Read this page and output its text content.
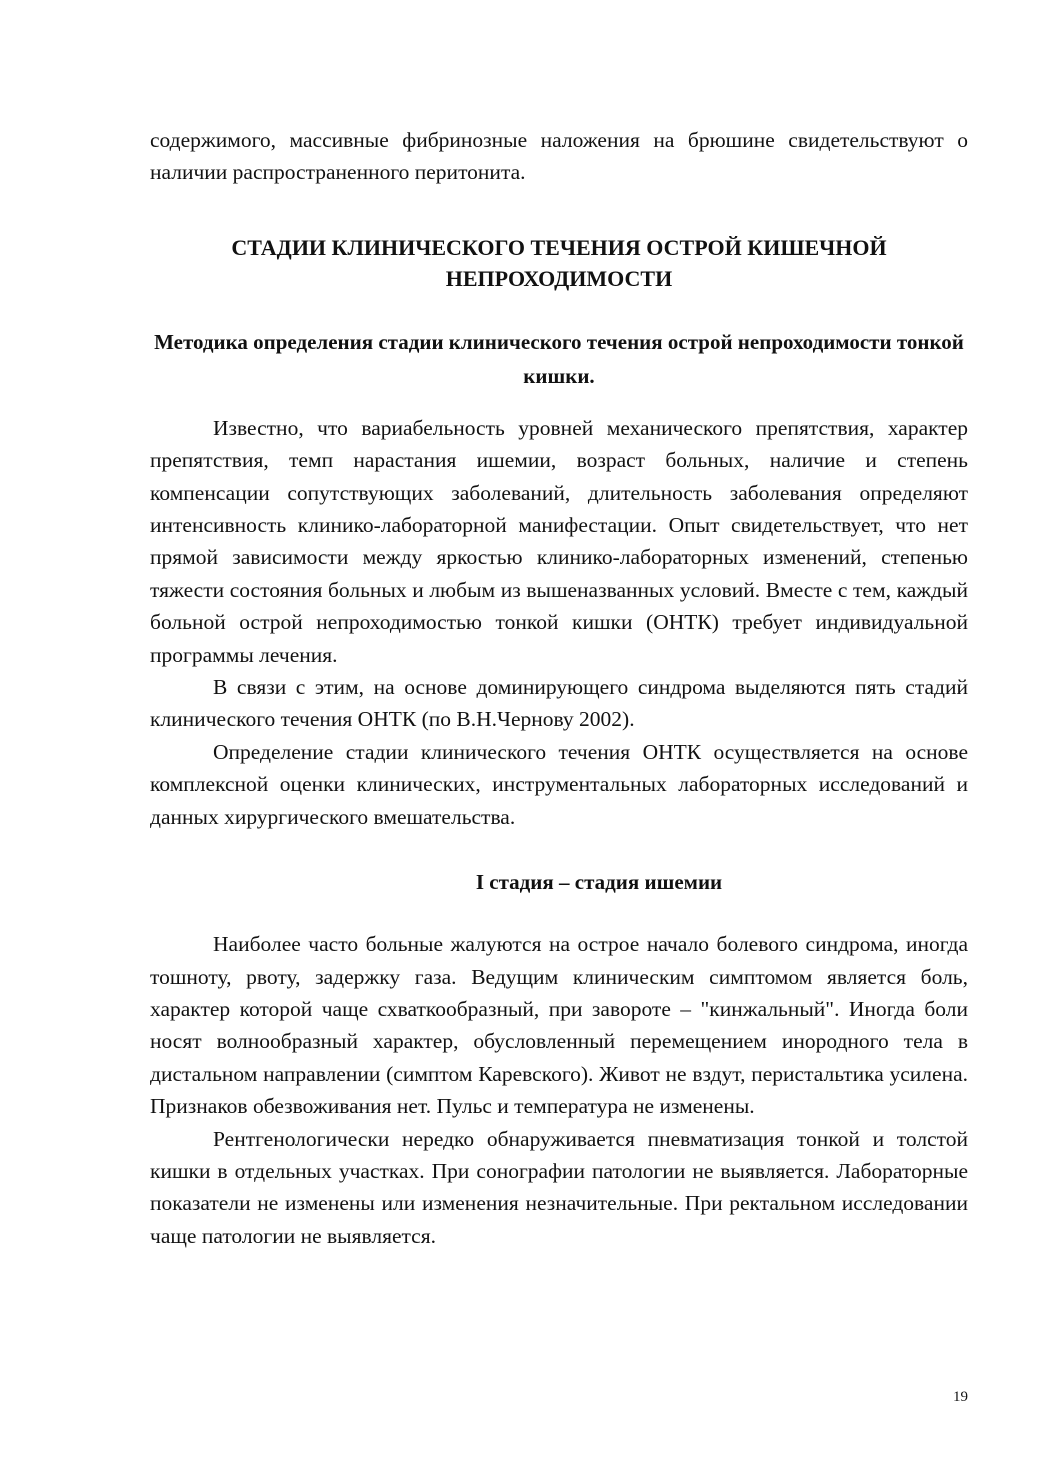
содержимого, массивные фибринозные наложения на брюшине свидетельствуют о наличии распространенного перитонита.

СТАДИИ КЛИНИЧЕСКОГО ТЕЧЕНИЯ ОСТРОЙ КИШЕЧНОЙ НЕПРОХОДИМОСТИ
Методика определения стадии клинического течения острой непроходимости тонкой кишки.

Известно, что вариабельность уровней механического препятствия, характер препятствия, темп нарастания ишемии, возраст больных, наличие и степень компенсации сопутствующих заболеваний, длительность заболевания определяют интенсивность клинико-лабораторной манифестации. Опыт свидетельствует, что нет прямой зависимости между яркостью клинико-лабораторных изменений, степенью тяжести состояния больных и любым из вышеназванных условий. Вместе с тем, каждый больной острой непроходимостью тонкой кишки (ОНТК) требует индивидуальной программы лечения.

В связи с этим, на основе доминирующего синдрома выделяются пять стадий клинического течения ОНТК (по В.Н.Чернову 2002).

Определение стадии клинического течения ОНТК осуществляется на основе комплексной оценки клинических, инструментальных лабораторных исследований и данных хирургического вмешательства.

I стадия – стадия ишемии

Наиболее часто больные жалуются на острое начало болевого синдрома, иногда тошноту, рвоту, задержку газа. Ведущим клиническим симптомом является боль, характер которой чаще схваткообразный, при завороте – "кинжальный". Иногда боли носят волнообразный характер, обусловленный перемещением инородного тела в дистальном направлении (симптом Каревского). Живот не вздут, перистальтика усилена. Признаков обезвоживания нет. Пульс и температура не изменены.

Рентгенологически нередко обнаруживается пневматизация тонкой и толстой кишки в отдельных участках. При сонографии патологии не выявляется. Лабораторные показатели не изменены или изменения незначительные. При ректальном исследовании чаще патологии не выявляется.

19
